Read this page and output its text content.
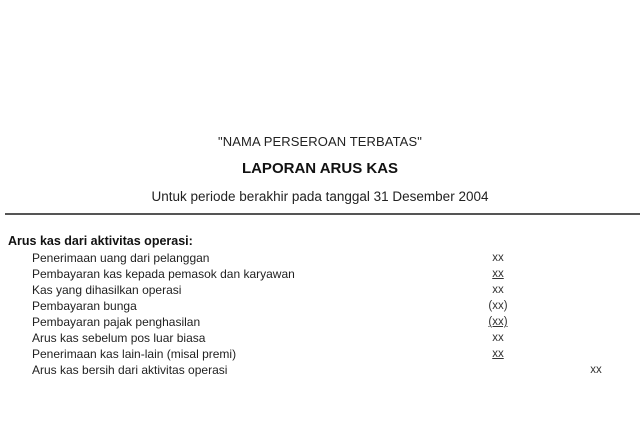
"NAMA PERSEROAN TERBATAS"
LAPORAN ARUS KAS
Untuk periode berakhir pada tanggal 31 Desember 2004
Arus kas dari aktivitas operasi:
Penerimaan uang dari pelanggan	xx
Pembayaran kas kepada pemasok dan karyawan	xx
Kas yang dihasilkan operasi	xx
Pembayaran bunga	(xx)
Pembayaran pajak penghasilan	(xx)
Arus kas sebelum pos luar biasa	xx
Penerimaan kas lain-lain (misal premi)	xx
Arus kas bersih dari aktivitas operasi	xx
